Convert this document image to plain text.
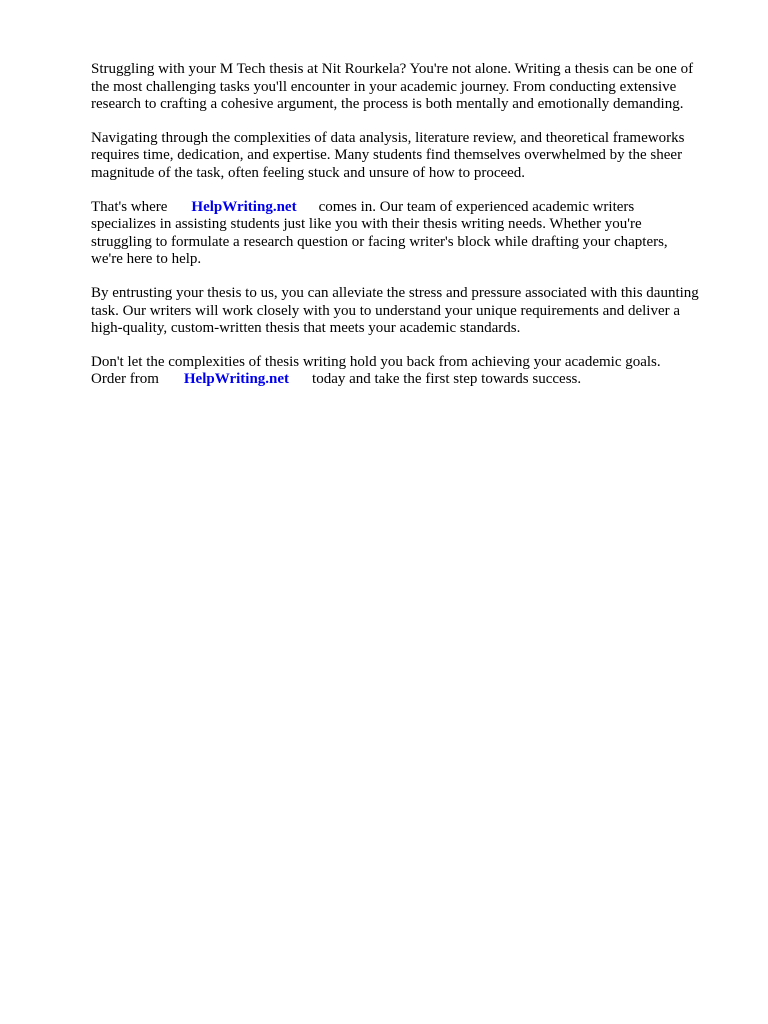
Struggling with your M Tech thesis at Nit Rourkela? You're not alone. Writing a thesis can be one of
the most challenging tasks you'll encounter in your academic journey. From conducting extensive
research to crafting a cohesive argument, the process is both mentally and emotionally demanding.

Navigating through the complexities of data analysis, literature review, and theoretical frameworks
requires time, dedication, and expertise. Many students find themselves overwhelmed by the sheer
magnitude of the task, often feeling stuck and unsure of how to proceed.

That's where HelpWriting.net comes in. Our team of experienced academic writers
specializes in assisting students just like you with their thesis writing needs. Whether you're
struggling to formulate a research question or facing writer's block while drafting your chapters,
we're here to help.

By entrusting your thesis to us, you can alleviate the stress and pressure associated with this daunting
task. Our writers will work closely with you to understand your unique requirements and deliver a
high-quality, custom-written thesis that meets your academic standards.

Don't let the complexities of thesis writing hold you back from achieving your academic goals.
Order from HelpWriting.net today and take the first step towards success.
